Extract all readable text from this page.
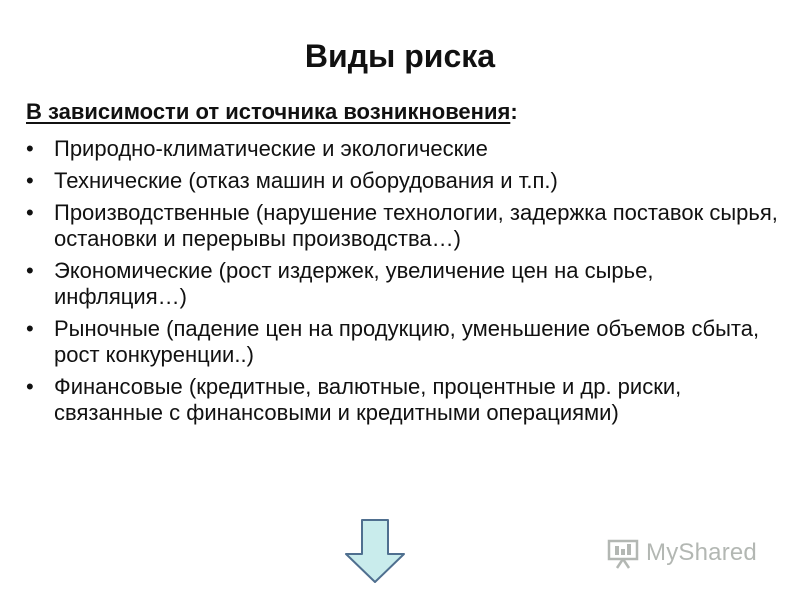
Виды риска
В зависимости от источника возникновения:
• Природно-климатические и экологические
• Технические (отказ машин и оборудования и т.п.)
• Производственные (нарушение технологии, задержка поставок сырья, остановки и перерывы производства…)
• Экономические (рост издержек, увеличение цен на сырье, инфляция…)
• Рыночные (падение цен на продукцию, уменьшение объемов сбыта, рост конкуренции..)
• Финансовые (кредитные, валютные, процентные и др. риски, связанные с финансовыми и кредитными операциями)
MyShared
